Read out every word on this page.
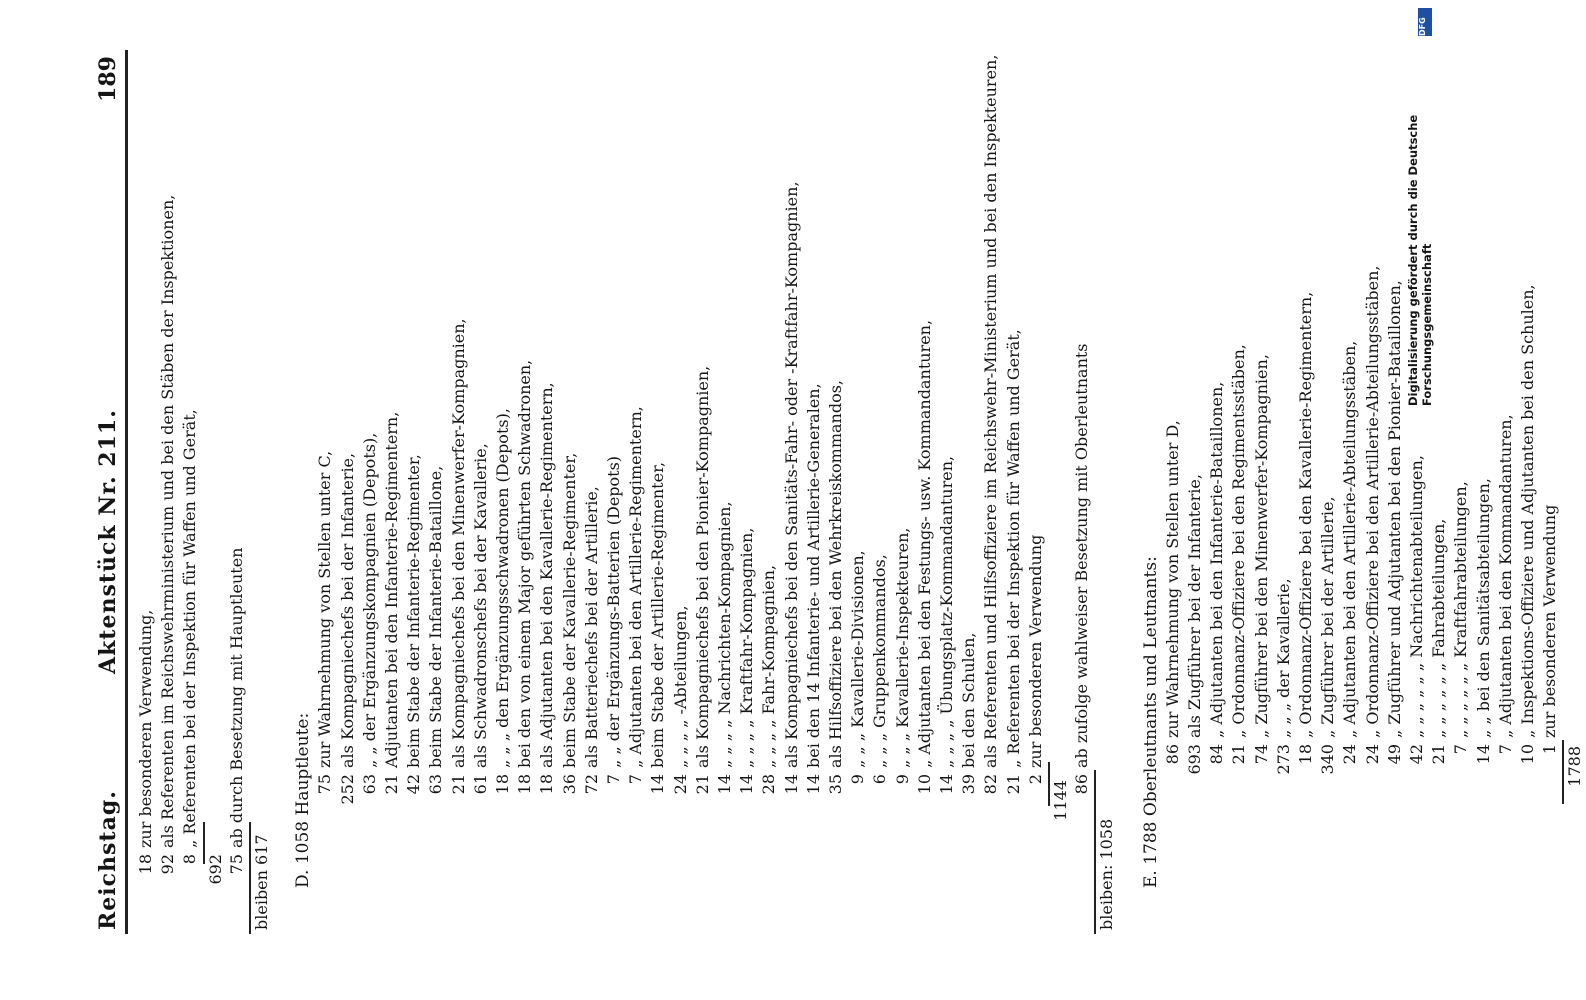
Reichstag.
Aktenstück Nr. 211.
189
18
zur besonderen Verwendung,
92
als Referenten im Reichswehrministerium und bei den Stäben der Inspektionen,
8
„ Referenten bei der Inspektion für Waffen und Gerät,
692 75
ab durch Besetzung mit Hauptleuten
bleiben 617 D. 1058 Hauptleute: 75
zur Wahrnehmung von Stellen unter C,
252
als Kompagniechefs bei der Infanterie,
63
„ „ der Ergänzungskompagnien (Depots),
21
Adjutanten bei den Infanterie-Regimentern,
42
beim Stabe der Infanterie-Regimenter,
63
beim Stabe der Infanterie-Bataillone,
21
als Kompagniechefs bei den Minenwerfer-Kompagnien,
61
als Schwadronschefs bei der Kavallerie,
18
„ „ „ den Ergänzungsschwadronen (Depots),
18
bei den von einem Major geführten Schwadronen,
18
als Adjutanten bei den Kavallerie-Regimentern,
36
beim Stabe der Kavallerie-Regimenter,
72
als Batteriechefs bei der Artillerie,
7
„ „ der Ergänzungs-Batterien (Depots)
7
„ Adjutanten bei den Artillerie-Regimentern,
14
beim Stabe der Artillerie-Regimenter,
24
„ „ „ „ -Abteilungen,
21
als Kompagniechefs bei den Pionier-Kompagnien,
14
„ „ „ „ Nachrichten-Kompagnien,
14
„ „ „ „ Kraftfahr-Kompagnien,
28
„ „ „ „ Fahr-Kompagnien,
14
als Kompagniechefs bei den Sanitäts-Fahr- oder -Kraftfahr-Kompagnien,
14
bei den 14 Infanterie- und Artillerie-Generalen,
35
als Hilfsoffiziere bei den Wehrkreiskommandos,
9
„ „ „ Kavallerie-Divisionen,
6
„ „ „ Gruppenkommandos,
9
„ „ „ Kavallerie-Inspekteuren,
10
„ Adjutanten bei den Festungs- usw. Kommandanturen,
14
„ „ „ „ Übungsplatz-Kommandanturen,
39
bei den Schulen,
82
als Referenten und Hilfsoffiziere im Reichswehr-Ministerium und bei den Inspekteuren,
21
„ Referenten bei der Inspektion für Waffen und Gerät,
2
zur besonderen Verwendung
1144 86
ab zufolge wahlweiser Besetzung mit Oberleutnants
bleiben: 1058 E. 1788 Oberleutnants und Leutnants: 86
zur Wahrnehmung von Stellen unter D,
693
als Zugführer bei der Infanterie,
84
„ Adjutanten bei den Infanterie-Bataillonen,
21
„ Ordonnanz-Offiziere bei den Regimentsstäben,
74
„ Zugführer bei den Minenwerfer-Kompagnien,
273
„ „ „ der Kavallerie,
18
„ Ordonnanz-Offiziere bei den Kavallerie-Regimentern,
340
„ Zugführer bei der Artillerie,
24
„ Adjutanten bei den Artillerie-Abteilungsstäben,
24
„ Ordonnanz-Offiziere bei den Artillerie-Abteilungsstäben,
49
„ Zugführer und Adjutanten bei den Pionier-Bataillonen,
42
„ „ „ „ „ „ Nachrichtenabteilungen,
21
„ „ „ „ „ „ Fahrabteilungen,
7
„ „ „ „ „ „ Kraftfahrabteilungen,
14
„ „ bei den Sanitätsabteilungen,
7
„ Adjutanten bei den Kommandanturen,
10
„ Inspektions-Offiziere und Adjutanten bei den Schulen,
1
zur besonderen Verwendung
1788
DFG
Digitalisierung gefördert durch die Deutsche Forschungsgemeinschaft
